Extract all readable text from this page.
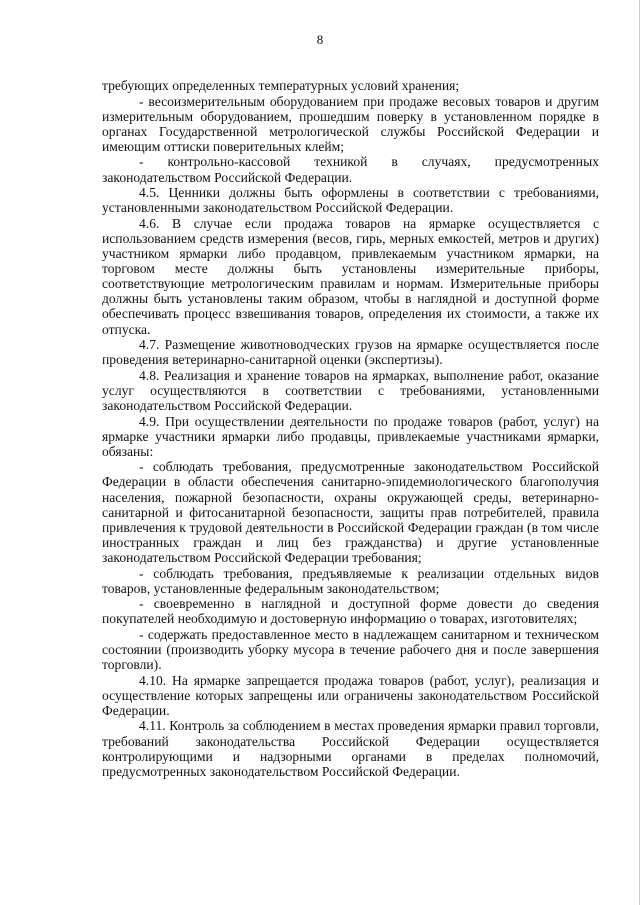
8

требующих определенных температурных условий хранения;

- весоизмерительным оборудованием при продаже весовых товаров и другим измерительным оборудованием, прошедшим поверку в установленном порядке в органах Государственной метрологической службы Российской Федерации и имеющим оттиски поверительных клейм;

- контрольно-кассовой техникой в случаях, предусмотренных законодательством Российской Федерации.

4.5. Ценники должны быть оформлены в соответствии с требованиями, установленными законодательством Российской Федерации.

4.6. В случае если продажа товаров на ярмарке осуществляется с использованием средств измерения (весов, гирь, мерных емкостей, метров и других) участником ярмарки либо продавцом, привлекаемым участником ярмарки, на торговом месте должны быть установлены измерительные приборы, соответствующие метрологическим правилам и нормам. Измерительные приборы должны быть установлены таким образом, чтобы в наглядной и доступной форме обеспечивать процесс взвешивания товаров, определения их стоимости, а также их отпуска.

4.7. Размещение животноводческих грузов на ярмарке осуществляется после проведения ветеринарно-санитарной оценки (экспертизы).

4.8. Реализация и хранение товаров на ярмарках, выполнение работ, оказание услуг осуществляются в соответствии с требованиями, установленными законодательством Российской Федерации.

4.9. При осуществлении деятельности по продаже товаров (работ, услуг) на ярмарке участники ярмарки либо продавцы, привлекаемые участниками ярмарки, обязаны:

- соблюдать требования, предусмотренные законодательством Российской Федерации в области обеспечения санитарно-эпидемиологического благополучия населения, пожарной безопасности, охраны окружающей среды, ветеринарно-санитарной и фитосанитарной безопасности, защиты прав потребителей, правила привлечения к трудовой деятельности в Российской Федерации граждан (в том числе иностранных граждан и лиц без гражданства) и другие установленные законодательством Российской Федерации требования;

- соблюдать требования, предъявляемые к реализации отдельных видов товаров, установленные федеральным законодательством;

- своевременно в наглядной и доступной форме довести до сведения покупателей необходимую и достоверную информацию о товарах, изготовителях;

- содержать предоставленное место в надлежащем санитарном и техническом состоянии (производить уборку мусора в течение рабочего дня и после завершения торговли).

4.10. На ярмарке запрещается продажа товаров (работ, услуг), реализация и осуществление которых запрещены или ограничены законодательством Российской Федерации.

4.11. Контроль за соблюдением в местах проведения ярмарки правил торговли, требований законодательства Российской Федерации осуществляется контролирующими и надзорными органами в пределах полномочий, предусмотренных законодательством Российской Федерации.
